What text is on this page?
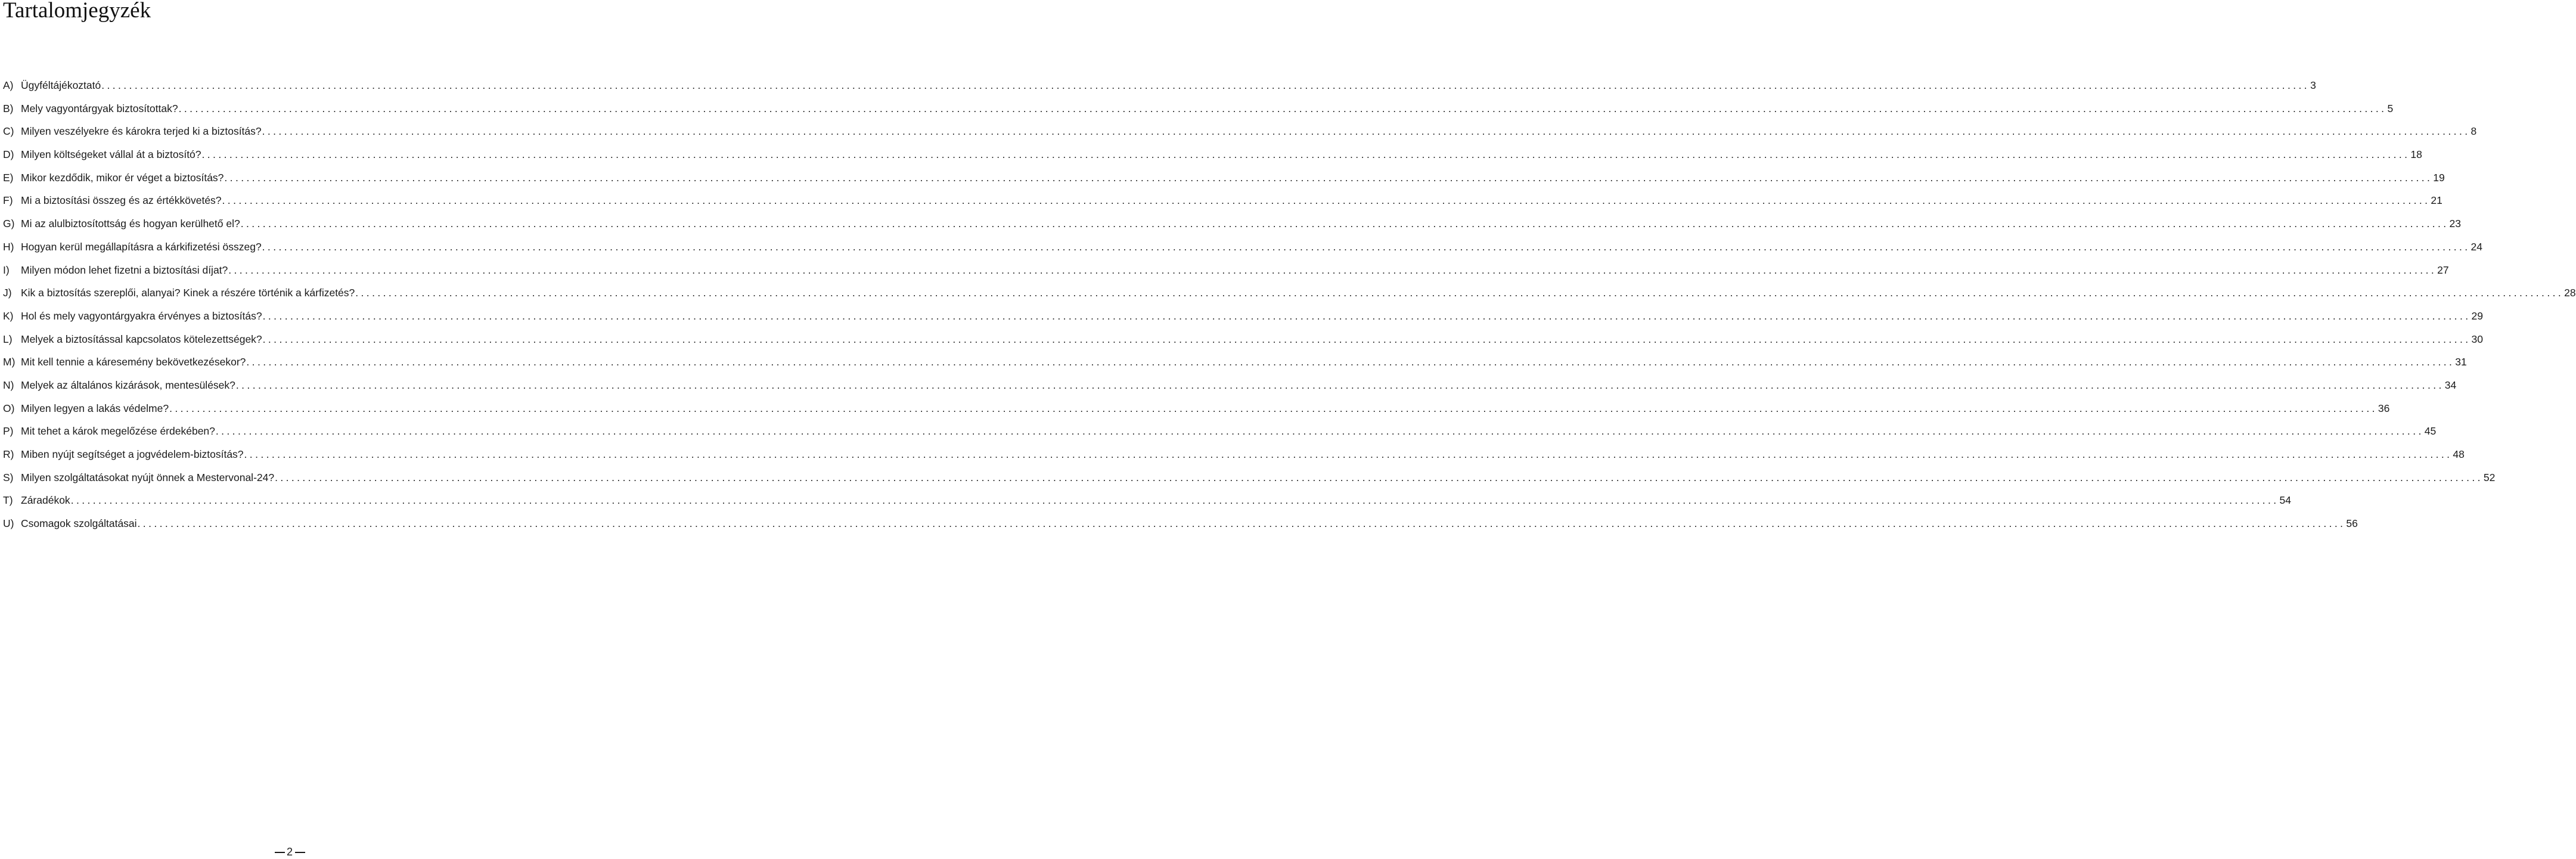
Tartalomjegyzék
A) Ügyféltájékoztató ................................................................................................................................................................................................................................................................................................................................................................................................................ 3
B) Mely vagyontárgyak biztosítottak? ................................................................................................................................................................................................................................................................................................................................................................................................................ 5
C) Milyen veszélyekre és károkra terjed ki a biztosítás? ................................................................................................................................................................................................................................................................................................................................................................................................................ 8
D) Milyen költségeket vállal át a biztosító? ................................................................................................................................................................................................................................................................................................................................................................................................................ 18
E) Mikor kezdődik, mikor ér véget a biztosítás? ................................................................................................................................................................................................................................................................................................................................................................................................................ 19
F) Mi a biztosítási összeg és az értékkövetés? ................................................................................................................................................................................................................................................................................................................................................................................................................ 21
G) Mi az alulbiztosítottság és hogyan kerülhető el? ................................................................................................................................................................................................................................................................................................................................................................................................................ 23
H) Hogyan kerül megállapításra a kárkifizetési összeg? ................................................................................................................................................................................................................................................................................................................................................................................................................ 24
I)	Milyen módon lehet fizetni a biztosítási díjat? ................................................................................................................................................................................................................................................................................................................................................................................................................ 27
J) Kik a biztosítás szereplői, alanyai? Kinek a részére történik a kárfizetés? ................................................................................................................................................................................................................................................................................................................................................................................................................ 28
K) Hol és mely vagyontárgyakra érvényes a biztosítás? ................................................................................................................................................................................................................................................................................................................................................................................................................ 29
L) Melyek a biztosítással kapcsolatos kötelezettségek? ................................................................................................................................................................................................................................................................................................................................................................................................................ 30
M) Mit kell tennie a káresemény bekövetkezésekor? ................................................................................................................................................................................................................................................................................................................................................................................................................ 31
N) Melyek az általános kizárások, mentesülések? ................................................................................................................................................................................................................................................................................................................................................................................................................ 34
O) Milyen legyen a lakás védelme? ................................................................................................................................................................................................................................................................................................................................................................................................................ 36
P) Mit tehet a károk megelőzése érdekében? ................................................................................................................................................................................................................................................................................................................................................................................................................ 45
R) Miben nyújt segítséget a jogvédelem-biztosítás? ................................................................................................................................................................................................................................................................................................................................................................................................................ 48
S) Milyen szolgáltatásokat nyújt önnek a Mestervonal-24? ................................................................................................................................................................................................................................................................................................................................................................................................................ 52
T) Záradékok ................................................................................................................................................................................................................................................................................................................................................................................................................ 54
U) Csomagok szolgáltatásai ................................................................................................................................................................................................................................................................................................................................................................................................................ 56
2
